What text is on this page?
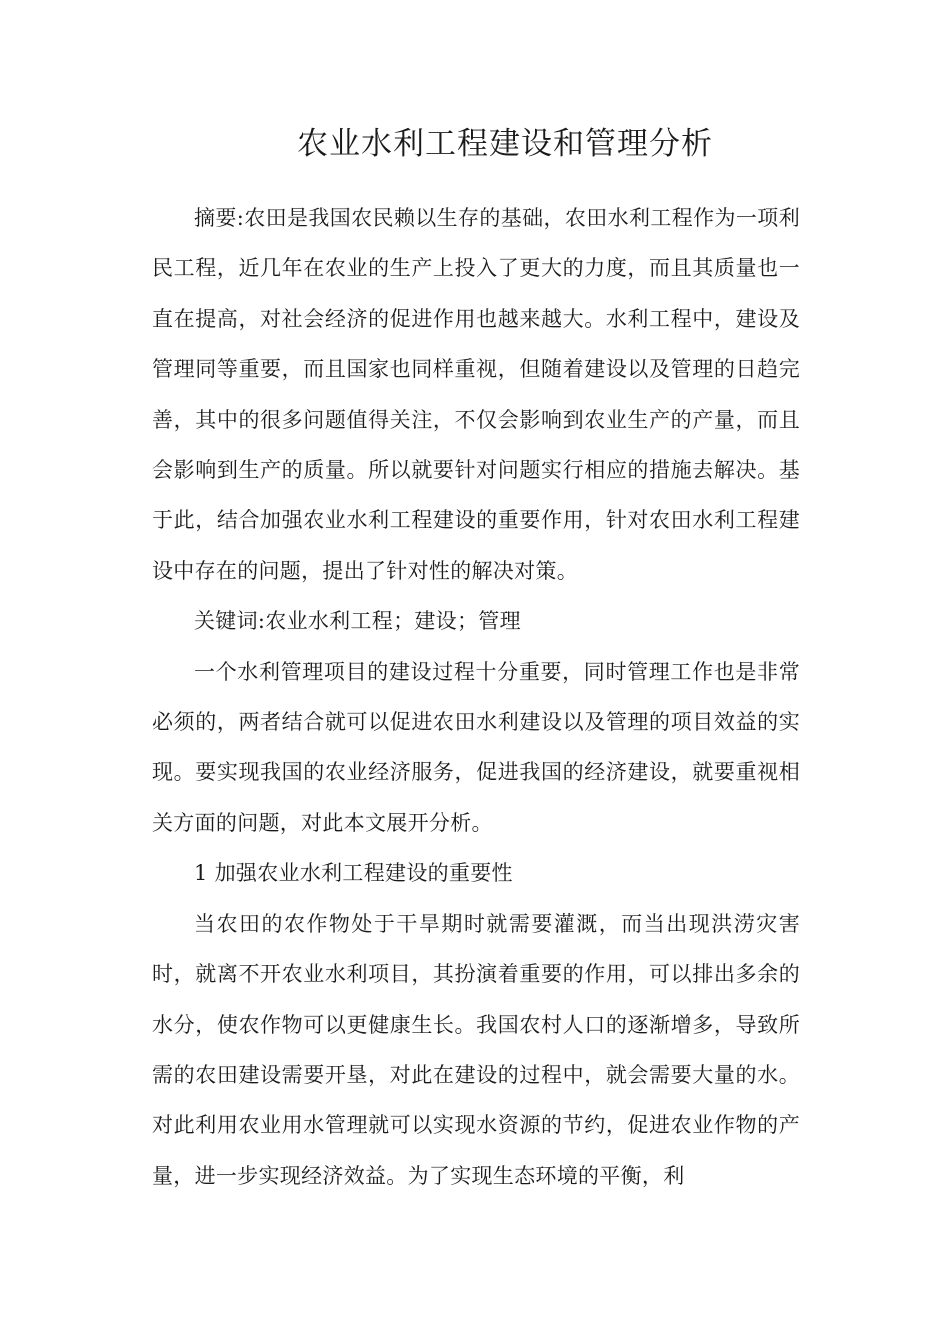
农业水利工程建设和管理分析

摘要:农田是我国农民赖以生存的基础，农田水利工程作为一项利民工程，近几年在农业的生产上投入了更大的力度，而且其质量也一直在提高，对社会经济的促进作用也越来越大。水利工程中，建设及管理同等重要，而且国家也同样重视，但随着建设以及管理的日趋完善，其中的很多问题值得关注，不仅会影响到农业生产的产量，而且会影响到生产的质量。所以就要针对问题实行相应的措施去解决。基于此，结合加强农业水利工程建设的重要作用，针对农田水利工程建设中存在的问题，提出了针对性的解决对策。

关键词:农业水利工程；建设；管理

一个水利管理项目的建设过程十分重要，同时管理工作也是非常必须的，两者结合就可以促进农田水利建设以及管理的项目效益的实现。要实现我国的农业经济服务，促进我国的经济建设，就要重视相关方面的问题，对此本文展开分析。

1 加强农业水利工程建设的重要性

当农田的农作物处于干旱期时就需要灌溉，而当出现洪涝灾害时，就离不开农业水利项目，其扮演着重要的作用，可以排出多余的水分，使农作物可以更健康生长。我国农村人口的逐渐增多，导致所需的农田建设需要开垦，对此在建设的过程中，就会需要大量的水。对此利用农业用水管理就可以实现水资源的节约，促进农业作物的产量，进一步实现经济效益。为了实现生态环境的平衡，利
